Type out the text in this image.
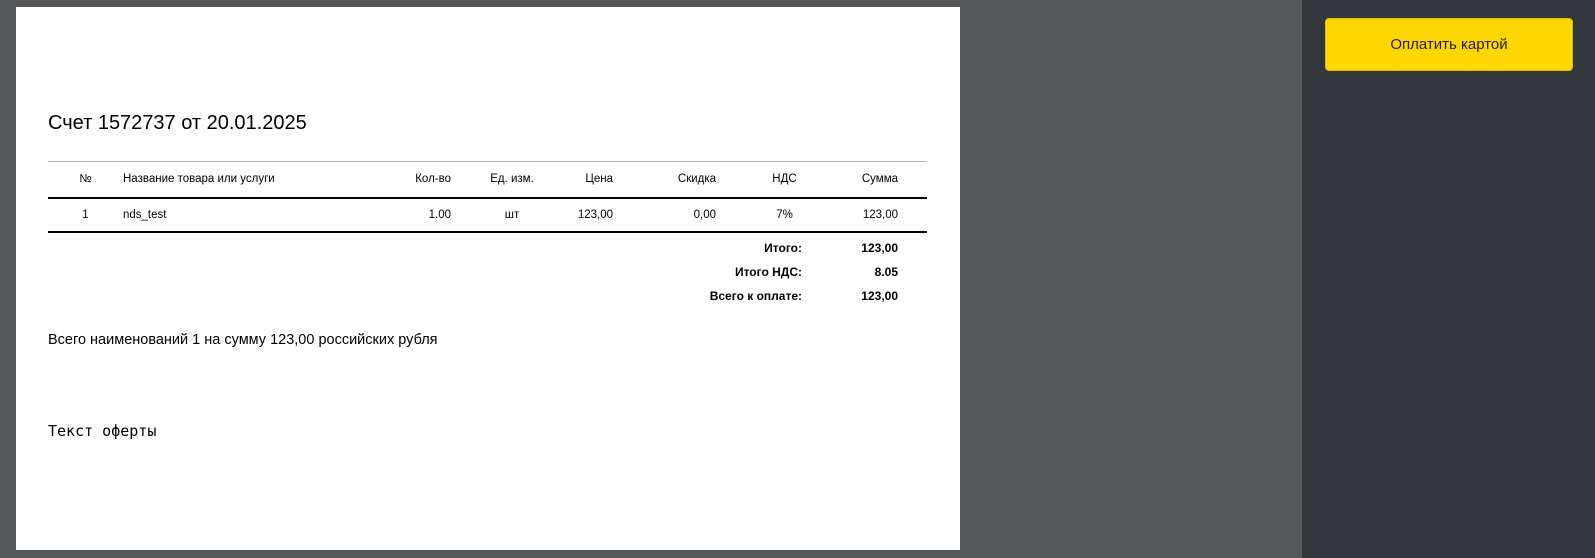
Счет 1572737 от 20.01.2025
№	Название товара или услуги	Кол-во	Ед. изм.	Цена	Скидка	НДС	Сумма
1	nds_test	1.00	шт	123,00	0,00	7%	123,00
Итого:	123,00
Итого НДС:	8.05
Всего к оплате:	123,00
Всего наименований 1 на сумму 123,00 российских рубля
Текст оферты
Оплатить картой
